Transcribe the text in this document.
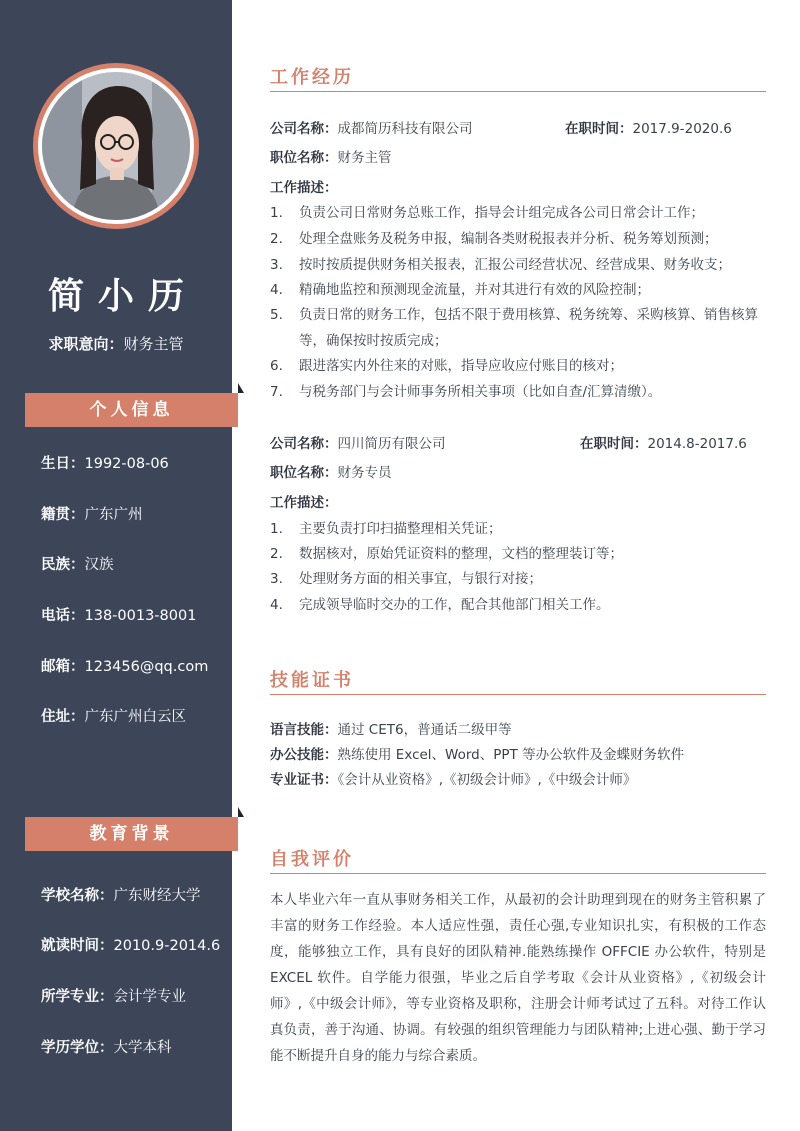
简小历
求职意向：财务主管
个人信息
生日：1992-08-06
籍贯：广东广州
民族：汉族
电话：138-0013-8001
邮箱：123456@qq.com
住址：广东广州白云区
教育背景
学校名称：广东财经大学
就读时间：2010.9-2014.6
所学专业：会计学专业
学历学位：大学本科
工作经历
公司名称：成都简历科技有限公司	在职时间：2017.9-2020.6
职位名称：财务主管
工作描述：
1. 负责公司日常财务总账工作，指导会计组完成各公司日常会计工作；
2. 处理全盘账务及税务申报，编制各类财税报表并分析、税务筹划预测；
3. 按时按质提供财务相关报表，汇报公司经营状况、经营成果、财务收支；
4. 精确地监控和预测现金流量，并对其进行有效的风险控制；
5. 负责日常的财务工作，包括不限于费用核算、税务统筹、采购核算、销售核算等，确保按时按质完成；
6. 跟进落实内外往来的对账，指导应收应付账目的核对；
7. 与税务部门与会计师事务所相关事项（比如自查/汇算清缴）。
公司名称：四川简历有限公司	在职时间：2014.8-2017.6
职位名称：财务专员
工作描述：
1. 主要负责打印扫描整理相关凭证；
2. 数据核对，原始凭证资料的整理，文档的整理装订等；
3. 处理财务方面的相关事宜，与银行对接；
4. 完成领导临时交办的工作，配合其他部门相关工作。
技能证书
语言技能：通过 CET6，普通话二级甲等
办公技能：熟练使用 Excel、Word、PPT 等办公软件及金蝶财务软件
专业证书：《会计从业资格》,《初级会计师》,《中级会计师》
自我评价
本人毕业六年一直从事财务相关工作，从最初的会计助理到现在的财务主管积累了丰富的财务工作经验。本人适应性强，责任心强,专业知识扎实，有积极的工作态度，能够独立工作，具有良好的团队精神.能熟练操作 OFFCIE 办公软件，特别是 EXCEL 软件。自学能力很强，毕业之后自学考取《会计从业资格》,《初级会计师》,《中级会计师》，等专业资格及职称，注册会计师考试过了五科。对待工作认真负责，善于沟通、协调。有较强的组织管理能力与团队精神;上进心强、勤于学习能不断提升自身的能力与综合素质。
